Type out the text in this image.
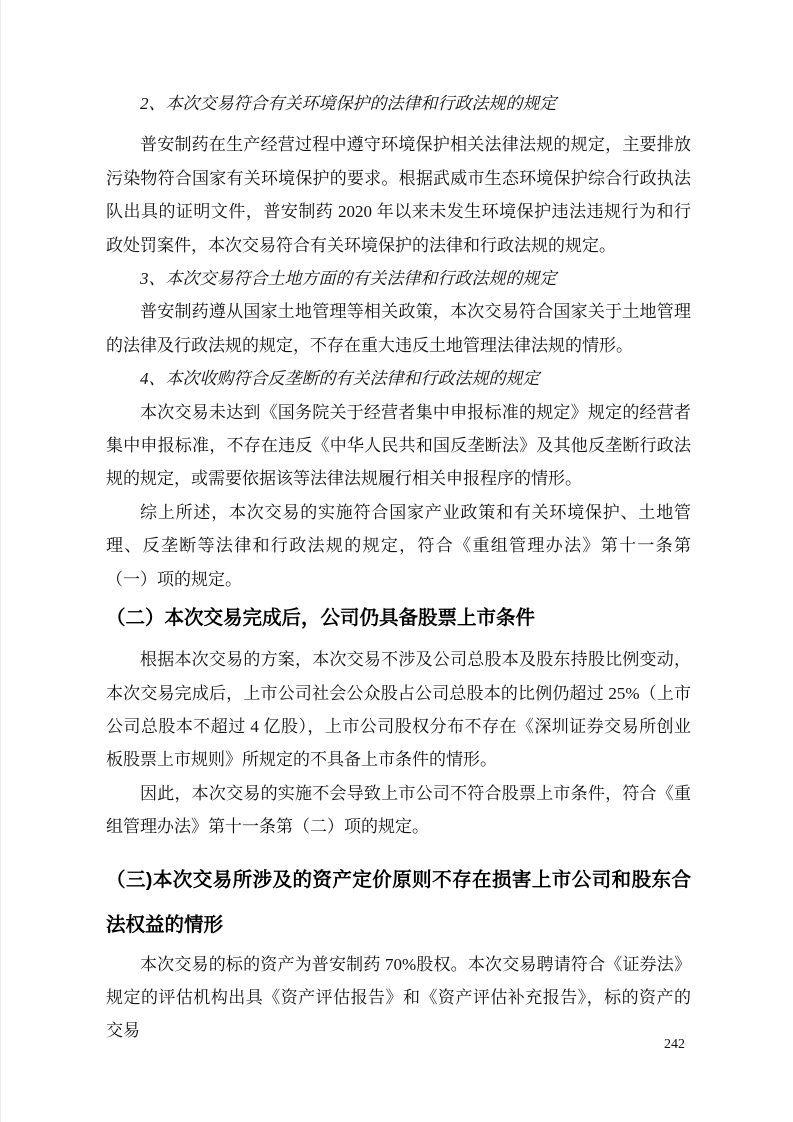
2、本次交易符合有关环境保护的法律和行政法规的规定

普安制药在生产经营过程中遵守环境保护相关法律法规的规定，主要排放污染物符合国家有关环境保护的要求。根据武威市生态环境保护综合行政执法队出具的证明文件，普安制药 2020 年以来未发生环境保护违法违规行为和行政处罚案件，本次交易符合有关环境保护的法律和行政法规的规定。

3、本次交易符合土地方面的有关法律和行政法规的规定

普安制药遵从国家土地管理等相关政策，本次交易符合国家关于土地管理的法律及行政法规的规定，不存在重大违反土地管理法律法规的情形。

4、本次收购符合反垄断的有关法律和行政法规的规定

本次交易未达到《国务院关于经营者集中申报标准的规定》规定的经营者集中申报标准，不存在违反《中华人民共和国反垄断法》及其他反垄断行政法规的规定，或需要依据该等法律法规履行相关申报程序的情形。

综上所述，本次交易的实施符合国家产业政策和有关环境保护、土地管理、反垄断等法律和行政法规的规定，符合《重组管理办法》第十一条第（一）项的规定。

（二）本次交易完成后，公司仍具备股票上市条件

根据本次交易的方案，本次交易不涉及公司总股本及股东持股比例变动，本次交易完成后，上市公司社会公众股占公司总股本的比例仍超过 25%（上市公司总股本不超过 4 亿股），上市公司股权分布不存在《深圳证券交易所创业板股票上市规则》所规定的不具备上市条件的情形。

因此，本次交易的实施不会导致上市公司不符合股票上市条件，符合《重组管理办法》第十一条第（二）项的规定。

（三)本次交易所涉及的资产定价原则不存在损害上市公司和股东合法权益的情形

本次交易的标的资产为普安制药 70%股权。本次交易聘请符合《证券法》规定的评估机构出具《资产评估报告》和《资产评估补充报告》，标的资产的交易

242
